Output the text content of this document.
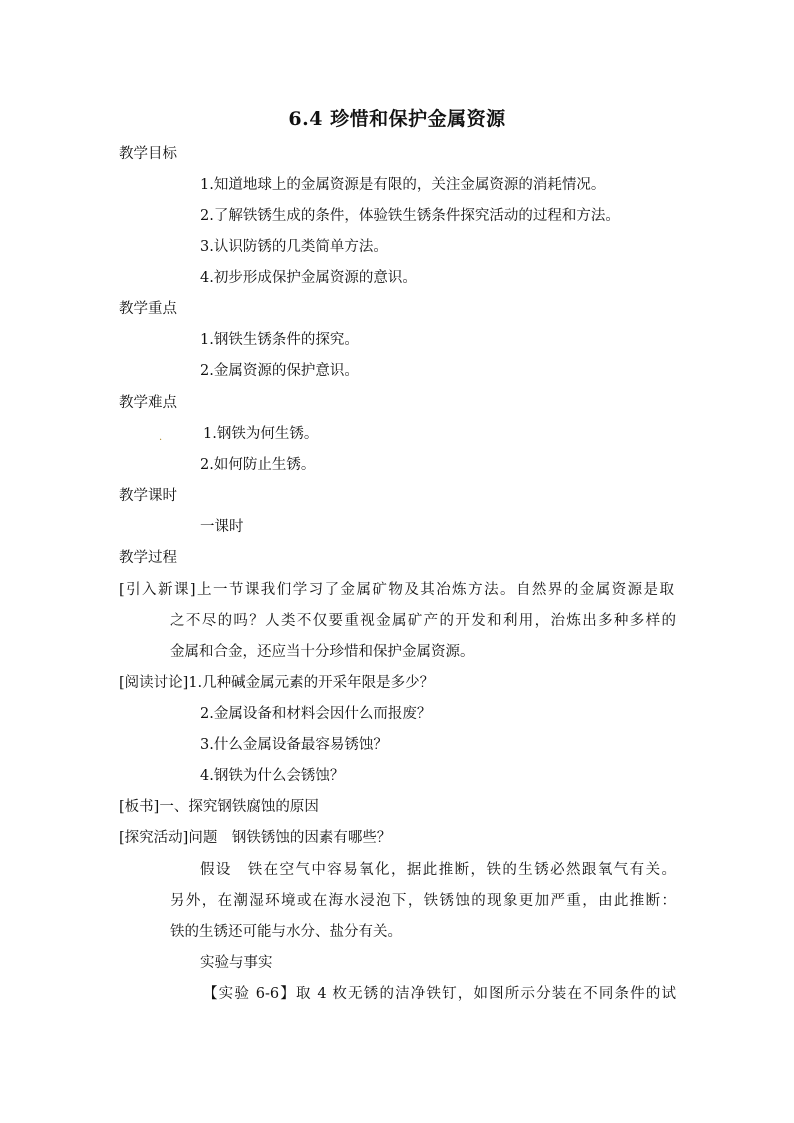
6.4 珍惜和保护金属资源
教学目标
1.知道地球上的金属资源是有限的，关注金属资源的消耗情况。
2.了解铁锈生成的条件，体验铁生锈条件探究活动的过程和方法。
3.认识防锈的几类简单方法。
4.初步形成保护金属资源的意识。
教学重点
1.钢铁生锈条件的探究。
2.金属资源的保护意识。
教学难点
.	1.钢铁为何生锈。
2.如何防止生锈。
教学课时
一课时
教学过程
[引入新课]上一节课我们学习了金属矿物及其冶炼方法。自然界的金属资源是取
之不尽的吗？人类不仅要重视金属矿产的开发和利用，治炼出多种多样的
金属和合金，还应当十分珍惜和保护金属资源。
[阅读讨论]1.几种碱金属元素的开采年限是多少？
2.金属设备和材料会因什么而报废？
3.什么金属设备最容易锈蚀？
4.钢铁为什么会锈蚀？
[板书]一、探究钢铁腐蚀的原因
[探究活动]问题　钢铁锈蚀的因素有哪些？
假设　铁在空气中容易氧化，据此推断，铁的生锈必然跟氧气有关。
另外，在潮湿环境或在海水浸泡下，铁锈蚀的现象更加严重，由此推断：
铁的生锈还可能与水分、盐分有关。
实验与事实
【实验 6-6】取 4 枚无锈的洁净铁钉，如图所示分装在不同条件的试
